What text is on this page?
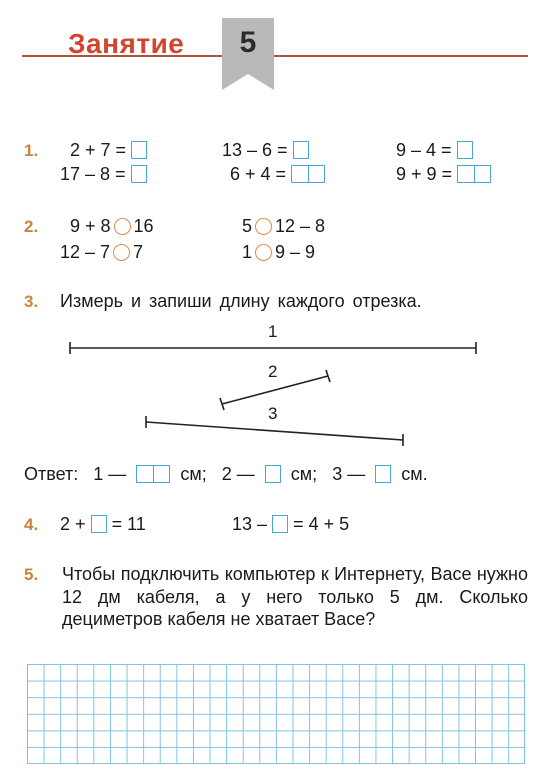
Занятие	5
1. 2 + 7 =	13 – 6 =	9 – 4 =
17 – 8 =	6 + 4 =	9 + 9 =
2. 9 + 8 16	5 12 – 8
12 – 7 7	1 9 – 9
3. Измерь и запиши длину каждого отрезка.
1
2
3
Ответ: 1 —	см; 2 — см; 3 — см.
4. 2 + = 11	13 – = 4 + 5
5. Чтобы подключить компьютер к Интернету, Васе нужно 12 дм кабеля, а у него только 5 дм. Сколько дециметров кабеля не хватает Васе?
